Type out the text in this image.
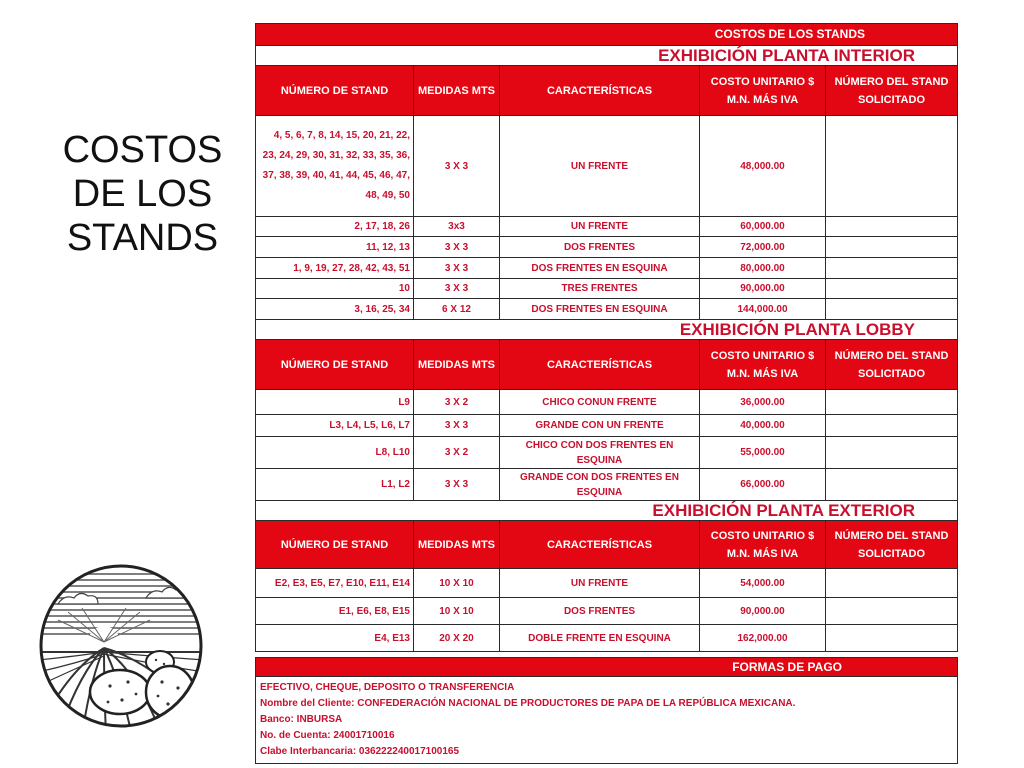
COSTOS
DE LOS
STANDS
COSTOS DE LOS STANDS				
EXHIBICIÓN PLANTA INTERIOR				
NÚMERO DE STAND	MEDIDAS MTS	CARACTERÍSTICAS	COSTO UNITARIO $ M.N. MÁS IVA	NÚMERO DEL STAND SOLICITADO
4, 5, 6, 7, 8, 14, 15, 20, 21, 22, 23, 24, 29, 30, 31, 32, 33, 35, 36, 37, 38, 39, 40, 41, 44, 45, 46, 47, 48, 49, 50	3 X 3	UN FRENTE	48,000.00	
2, 17, 18, 26	3x3	UN FRENTE	60,000.00	
11, 12, 13	3 X 3	DOS FRENTES	72,000.00	
1, 9, 19, 27, 28, 42, 43, 51	3 X 3	DOS FRENTES EN ESQUINA	80,000.00	
10	3 X 3	TRES FRENTES	90,000.00	
3, 16, 25, 34	6 X 12	DOS FRENTES EN ESQUINA	144,000.00	
EXHIBICIÓN PLANTA LOBBY				
NÚMERO DE STAND	MEDIDAS MTS	CARACTERÍSTICAS	COSTO UNITARIO $ M.N. MÁS IVA	NÚMERO DEL STAND SOLICITADO
L9	3 X 2	CHICO CONUN FRENTE	36,000.00	
L3, L4, L5, L6, L7	3 X 3	GRANDE CON UN FRENTE	40,000.00	
L8, L10	3 X 2	CHICO CON DOS FRENTES EN ESQUINA	55,000.00	
L1, L2	3 X 3	GRANDE CON DOS FRENTES EN ESQUINA	66,000.00	
EXHIBICIÓN PLANTA EXTERIOR				
NÚMERO DE STAND	MEDIDAS MTS	CARACTERÍSTICAS	COSTO UNITARIO $ M.N. MÁS IVA	NÚMERO DEL STAND SOLICITADO
E2, E3, E5, E7, E10, E11, E14	10 X 10	UN FRENTE	54,000.00	
E1, E6, E8, E15	10 X 10	DOS FRENTES	90,000.00	
E4, E13	20 X 20	DOBLE FRENTE EN ESQUINA	162,000.00	

FORMAS DE PAGO				

EFECTIVO, CHEQUE, DEPOSITO O TRANSFERENCIA
Nombre del Cliente: CONFEDERACIÓN NACIONAL DE PRODUCTORES DE PAPA DE LA REPÚBLICA MEXICANA.
Banco: INBURSA
No. de Cuenta: 24001710016
Clabe Interbancaria: 036222240017100165				
